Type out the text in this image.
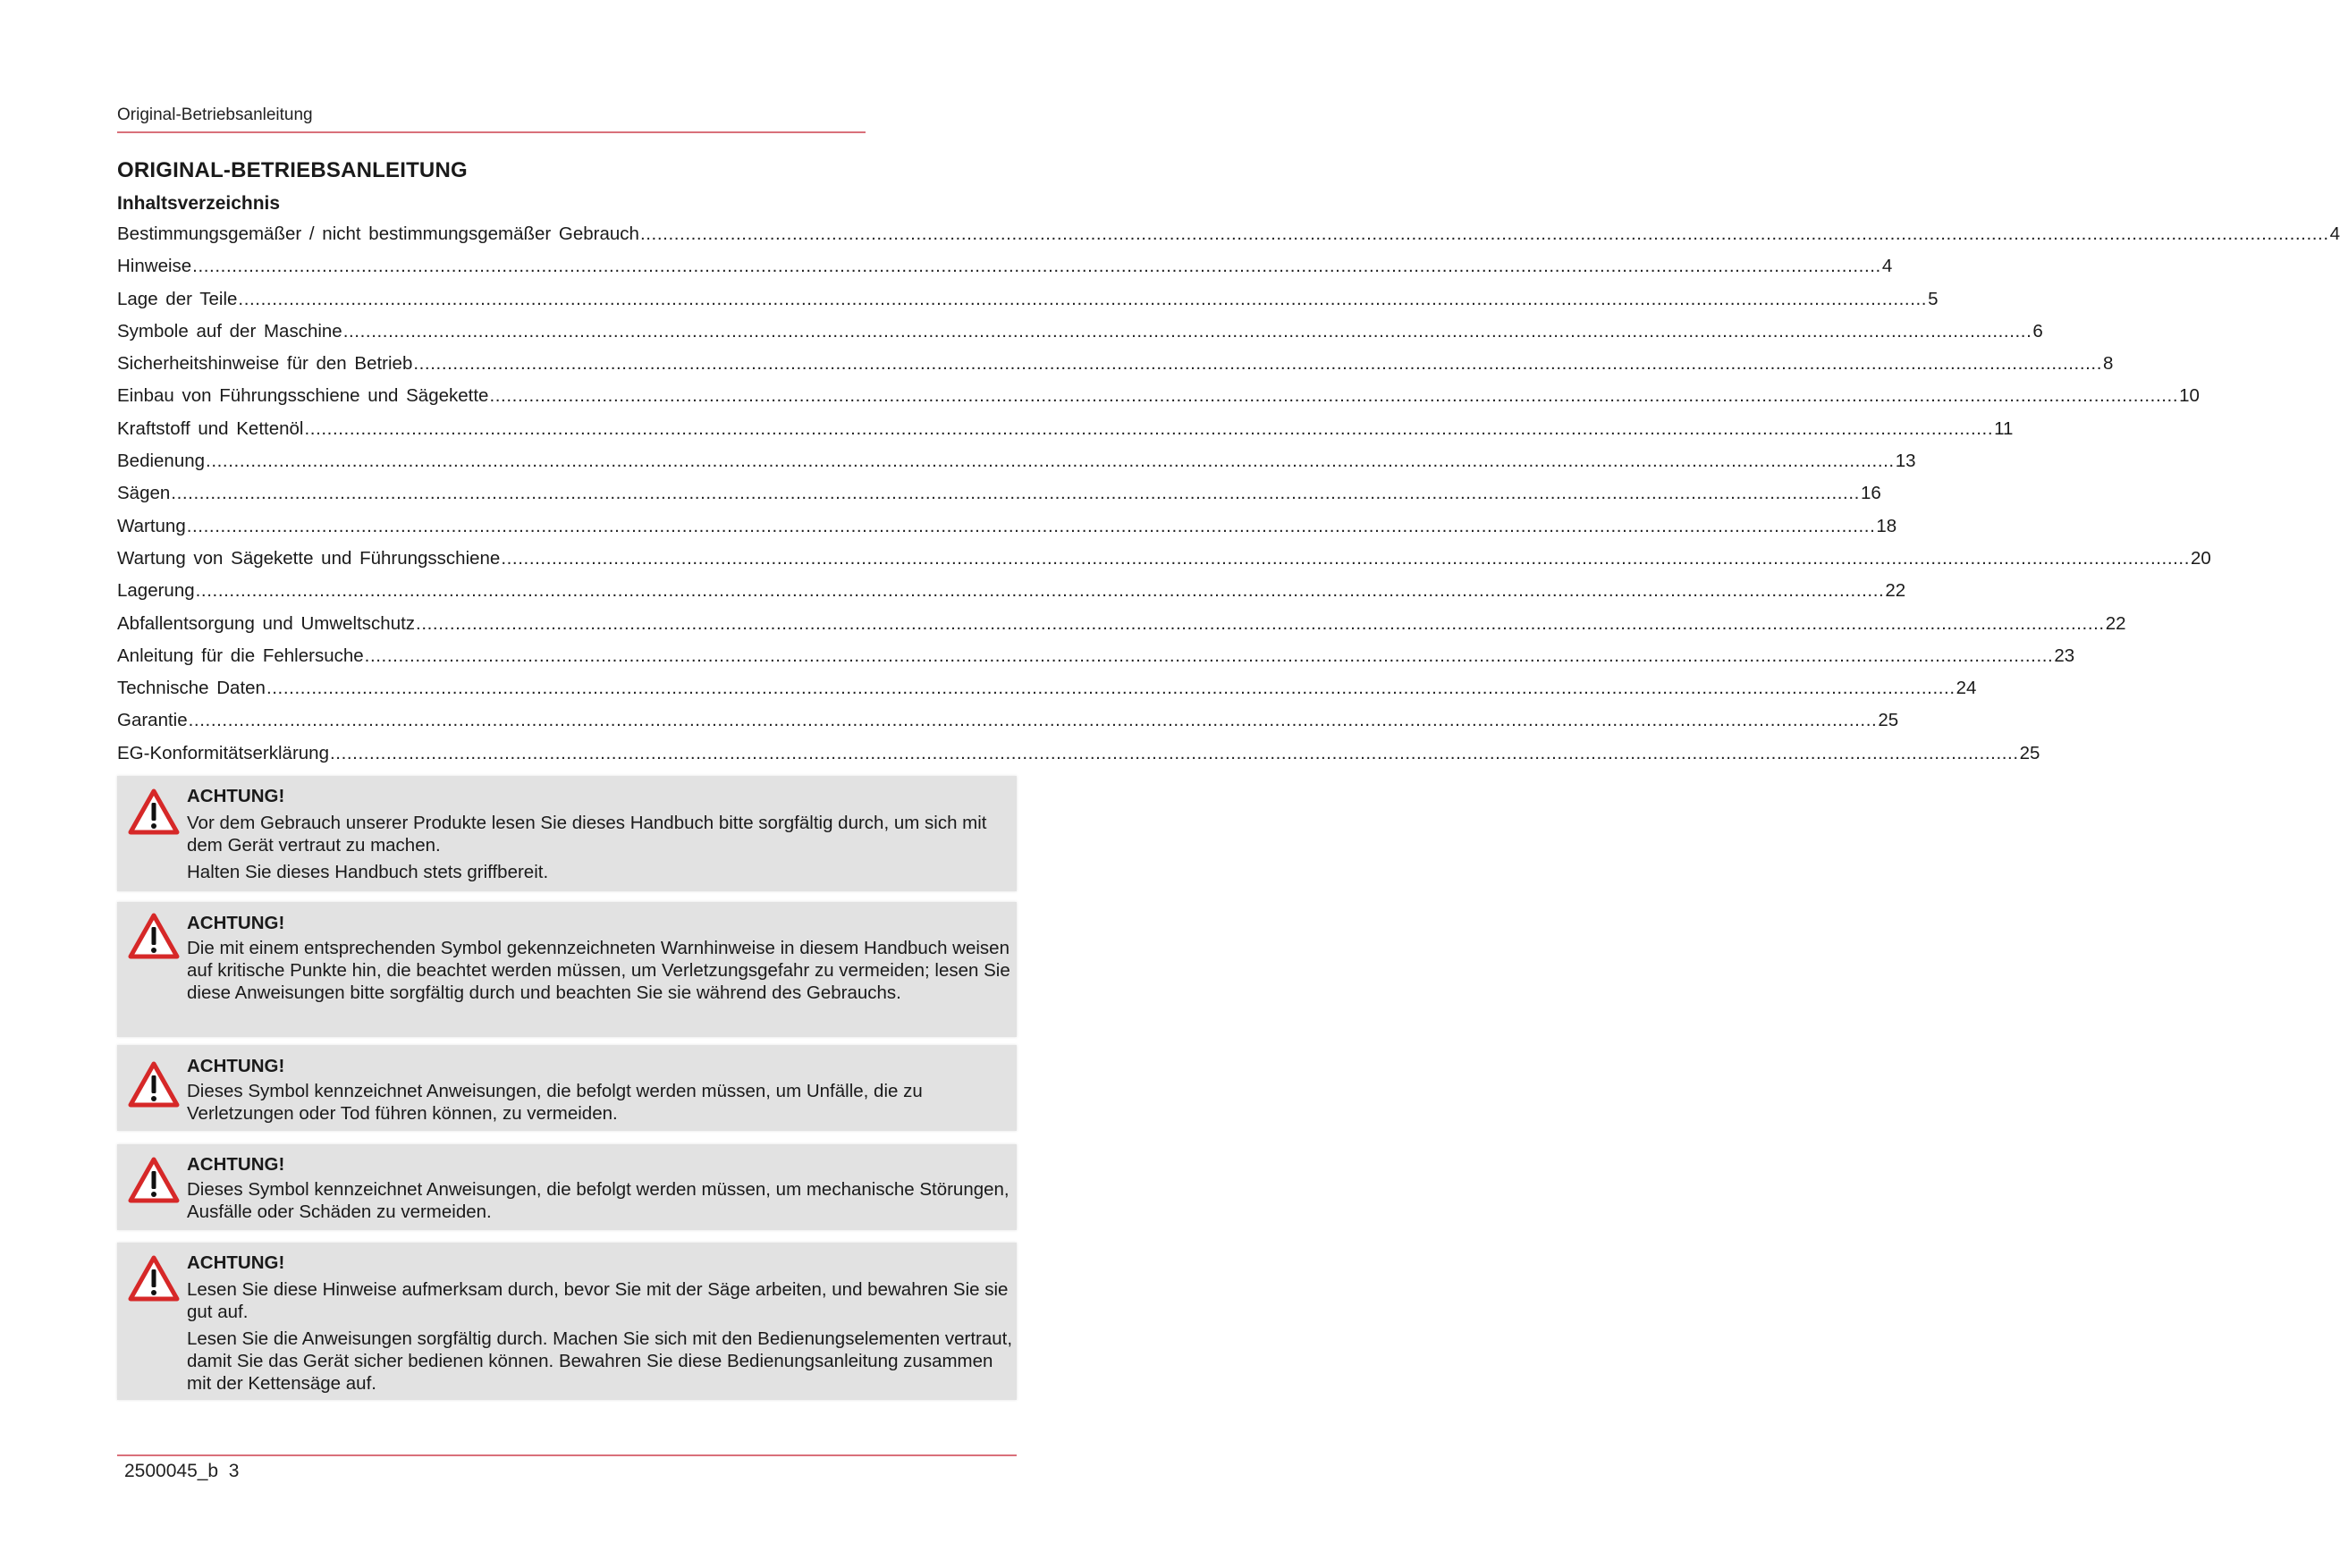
Original-Betriebsanleitung
ORIGINAL-BETRIEBSANLEITUNG
Inhaltsverzeichnis
Bestimmungsgemäßer / nicht bestimmungsgemäßer Gebrauch ............................................................................................................................................................................................................................................................................................................ 4
Hinweise ............................................................................................................................................................................................................................................................................................................ 4
Lage der Teile ............................................................................................................................................................................................................................................................................................................ 5
Symbole auf der Maschine ............................................................................................................................................................................................................................................................................................................ 6
Sicherheitshinweise für den Betrieb ............................................................................................................................................................................................................................................................................................................ 8
Einbau von Führungsschiene und Sägekette ............................................................................................................................................................................................................................................................................................................ 10
Kraftstoff und Kettenöl ............................................................................................................................................................................................................................................................................................................ 11
Bedienung ............................................................................................................................................................................................................................................................................................................ 13
Sägen ............................................................................................................................................................................................................................................................................................................ 16
Wartung ............................................................................................................................................................................................................................................................................................................ 18
Wartung von Sägekette und Führungsschiene ............................................................................................................................................................................................................................................................................................................ 20
Lagerung ............................................................................................................................................................................................................................................................................................................ 22
Abfallentsorgung und Umweltschutz ............................................................................................................................................................................................................................................................................................................ 22
Anleitung für die Fehlersuche ............................................................................................................................................................................................................................................................................................................ 23
Technische Daten ............................................................................................................................................................................................................................................................................................................ 24
Garantie ............................................................................................................................................................................................................................................................................................................ 25
EG-Konformitätserklärung ............................................................................................................................................................................................................................................................................................................ 25
ACHTUNG!

Vor dem Gebrauch unserer Produkte lesen Sie dieses Handbuch bitte sorgfältig durch, um sich mit dem Gerät vertraut zu machen.

Halten Sie dieses Handbuch stets griffbereit.

ACHTUNG!

Die mit einem entsprechenden Symbol gekennzeichneten Warnhinweise in diesem Handbuch weisen auf kritische Punkte hin, die beachtet werden müssen, um Verletzungsgefahr zu vermeiden; lesen Sie diese Anweisungen bitte sorgfältig durch und beachten Sie sie während des Gebrauchs.

ACHTUNG!

Dieses Symbol kennzeichnet Anweisungen, die befolgt werden müssen, um Unfälle, die zu Verletzungen oder Tod führen können, zu vermeiden.

ACHTUNG!

Dieses Symbol kennzeichnet Anweisungen, die befolgt werden müssen, um mechanische Störungen, Ausfälle oder Schäden zu vermeiden.

ACHTUNG!

Lesen Sie diese Hinweise aufmerksam durch, bevor Sie mit der Säge arbeiten, und bewahren Sie sie gut auf.

Lesen Sie die Anweisungen sorgfältig durch. Machen Sie sich mit den Bedienungselementen vertraut, damit Sie das Gerät sicher bedienen können. Bewahren Sie diese Bedienungsanleitung zusammen mit der Kettensäge auf.

2500045_b 3
